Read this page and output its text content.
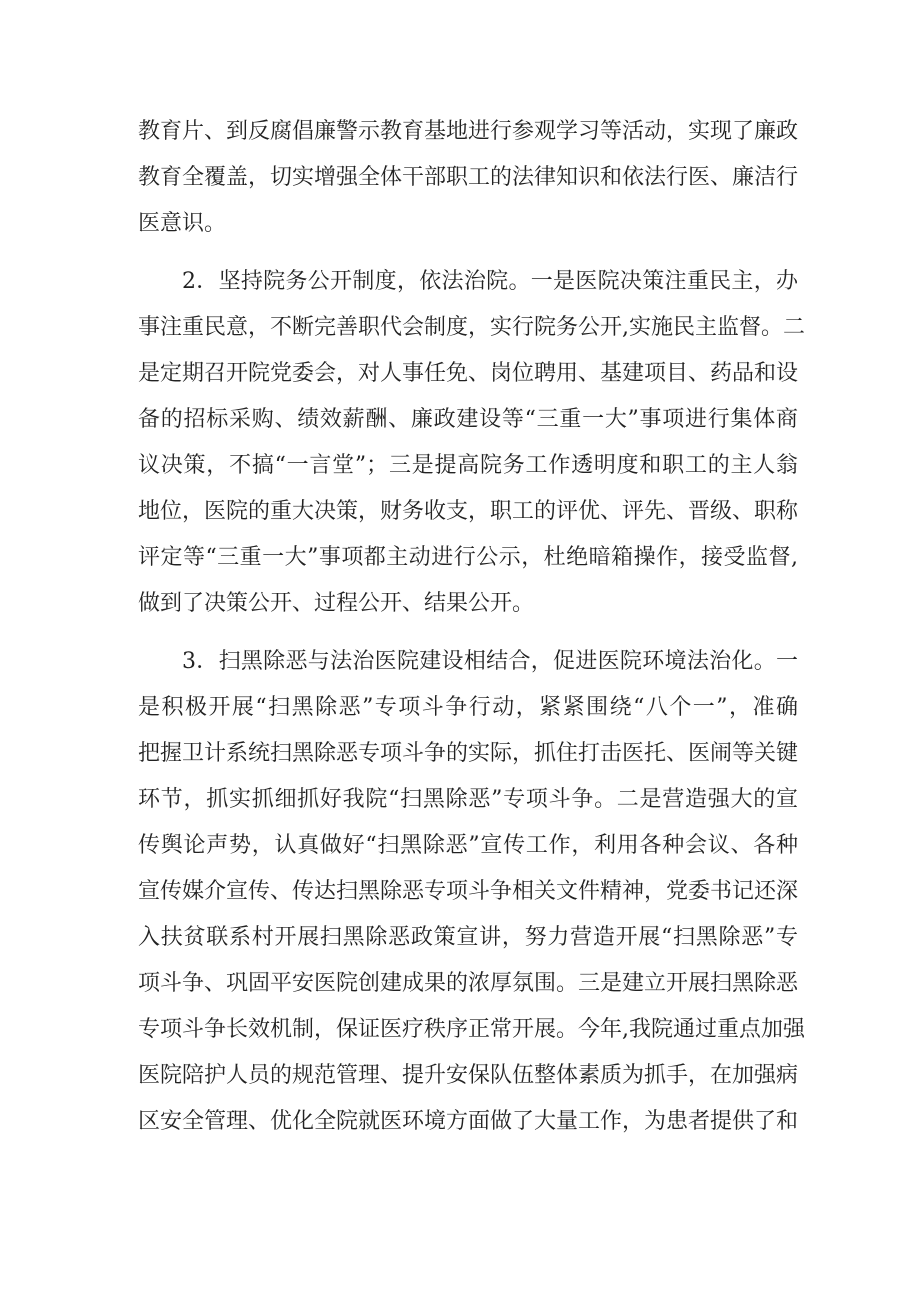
教育片、到反腐倡廉警示教育基地进行参观学习等活动，实现了廉政
教育全覆盖，切实增强全体干部职工的法律知识和依法行医、廉洁行
医意识。
2．坚持院务公开制度，依法治院。一是医院决策注重民主，办
事注重民意，不断完善职代会制度，实行院务公开,实施民主监督。二
是定期召开院党委会，对人事任免、岗位聘用、基建项目、药品和设
备的招标采购、绩效薪酬、廉政建设等“三重一大”事项进行集体商
议决策，不搞“一言堂”；三是提高院务工作透明度和职工的主人翁
地位，医院的重大决策，财务收支，职工的评优、评先、晋级、职称
评定等“三重一大”事项都主动进行公示，杜绝暗箱操作，接受监督,
做到了决策公开、过程公开、结果公开。
3．扫黑除恶与法治医院建设相结合，促进医院环境法治化。一
是积极开展“扫黑除恶”专项斗争行动，紧紧围绕“八个一”，准确
把握卫计系统扫黑除恶专项斗争的实际，抓住打击医托、医闹等关键
环节，抓实抓细抓好我院“扫黑除恶”专项斗争。二是营造强大的宣
传舆论声势，认真做好“扫黑除恶”宣传工作，利用各种会议、各种
宣传媒介宣传、传达扫黑除恶专项斗争相关文件精神，党委书记还深
入扶贫联系村开展扫黑除恶政策宣讲，努力营造开展“扫黑除恶”专
项斗争、巩固平安医院创建成果的浓厚氛围。三是建立开展扫黑除恶
专项斗争长效机制，保证医疗秩序正常开展。今年,我院通过重点加强
医院陪护人员的规范管理、提升安保队伍整体素质为抓手，在加强病
区安全管理、优化全院就医环境方面做了大量工作，为患者提供了和
